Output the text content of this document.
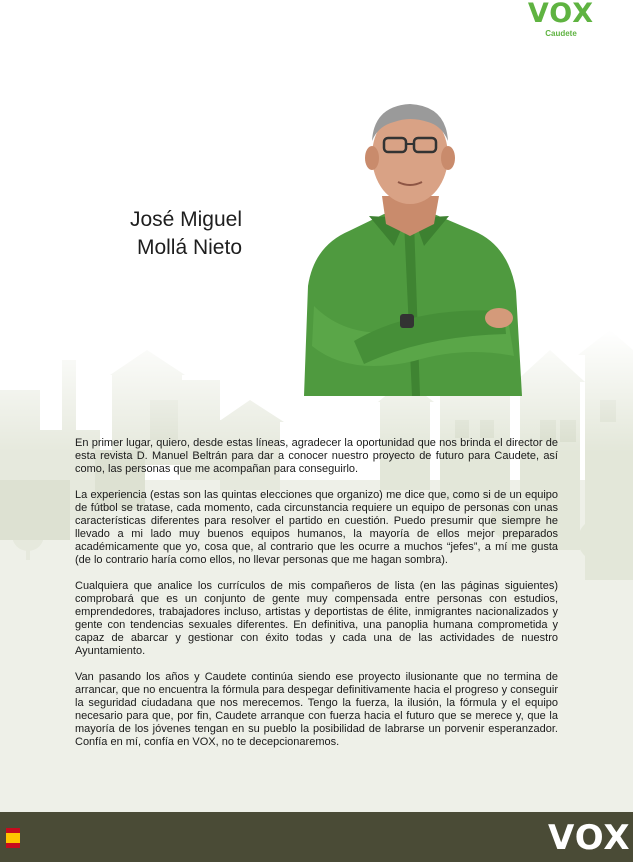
VOX
Caudete
José Miguel
Mollá Nieto

En primer lugar, quiero, desde estas líneas, agradecer la oportunidad que nos brinda el director de esta revista D. Manuel Beltrán para dar a conocer nuestro proyecto de futuro para Caudete, así como, las personas que me acompañan para conseguirlo.

La experiencia (estas son las quintas elecciones que organizo) me dice que, como si de un equipo de fútbol se tratase, cada momento, cada circunstancia requiere un equipo de personas con unas características diferentes para resolver el partido en cuestión. Puedo presumir que siempre he llevado a mi lado muy buenos equipos humanos, la mayoría de ellos mejor preparados académicamente que yo, cosa que, al contrario que les ocurre a muchos “jefes”, a mí me gusta (de lo contrario haría como ellos, no llevar personas que me hagan sombra).

Cualquiera que analice los currículos de mis compañeros de lista (en las páginas siguientes) comprobará que es un conjunto de gente muy compensada entre personas con estudios, emprendedores, trabajadores incluso, artistas y deportistas de élite, inmigrantes nacionalizados y gente con tendencias sexuales diferentes. En definitiva, una panoplia humana comprometida y capaz de abarcar y gestionar con éxito todas y cada una de las actividades de nuestro Ayuntamiento.

Van pasando los años y Caudete continúa siendo ese proyecto ilusionante que no termina de arrancar, que no encuentra la fórmula para despegar definitivamente hacia el progreso y conseguir la seguridad ciudadana que nos merecemos. Tengo la fuerza, la ilusión, la fórmula y el equipo necesario para que, por fin, Caudete arranque con fuerza hacia el futuro que se merece y, que la mayoría de los jóvenes tengan en su pueblo la posibilidad de labrarse un porvenir esperanzador. Confía en mí, confía en VOX, no te decepcionaremos.

VOX
